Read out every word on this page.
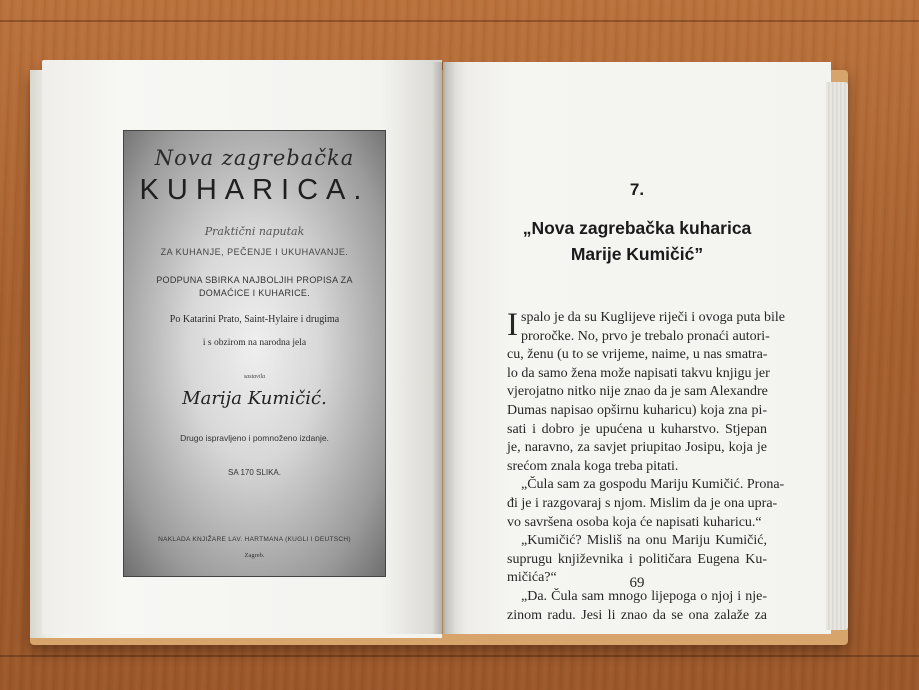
Nova zagrebačka
KUHARICA.
Praktični naputak
ZA KUHANJE, PEČENJE I UKUHAVANJE.
PODPUNA SBIRKA NAJBOLJIH PROPISA ZA
DOMAĆICE I KUHARICE.
Po Katarini Prato, Saint-Hylaire i drugima
i s obzirom na narodna jela
sastavila
Marija Kumičić.
Drugo ispravljeno i pomnoženo izdanje.
SA 170 SLIKA.
NAKLADA KNJIŽARE LAV. HARTMANA (KUGLI I DEUTSCH)
Zagreb.
7.
„Nova zagrebačka kuharica
Marije Kumičić”
I spalo je da su Kuglijeve riječi i ovoga puta bile
proročke. No, prvo je trebalo pronaći autori-
cu, ženu (u to se vrijeme, naime, u nas smatra-
lo da samo žena može napisati takvu knjigu jer
vjerojatno nitko nije znao da je sam Alexandre
Dumas napisao opširnu kuharicu) koja zna pi-
sati i dobro je upućena u kuharstvo. Stjepan
je, naravno, za savjet priupitao Josipu, koja je
srećom znala koga treba pitati.
„Čula sam za gospodu Mariju Kumičić. Prona-
đi je i razgovaraj s njom. Mislim da je ona upra-
vo savršena osoba koja će napisati kuharicu.“
„Kumičić? Misliš na onu Mariju Kumičić,
suprugu književnika i političara Eugena Ku-
mičića?“
„Da. Čula sam mnogo lijepoga o njoj i nje-
zinom radu. Jesi li znao da se ona zalaže za
69
